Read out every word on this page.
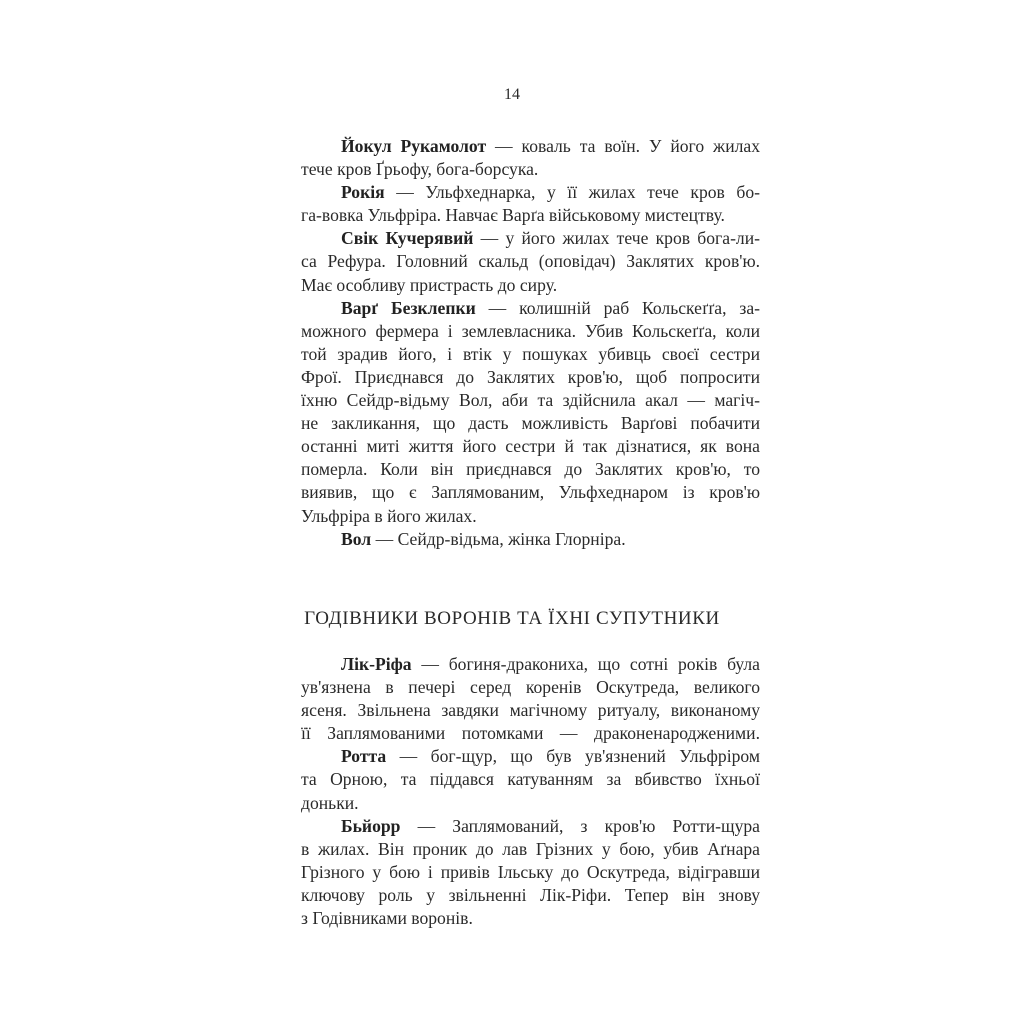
14
Йокул Рукамолот — коваль та воїн. У його жилах
тече кров Ґрьофу, бога-борсука.
Рокія — Ульфхеднарка, у її жилах тече кров бо-
га-вовка Ульфріра. Навчає Варґа військовому мистецтву.
Свік Кучерявий — у його жилах тече кров бога-ли-
са Рефура. Головний скальд (оповідач) Заклятих кров'ю.
Має особливу пристрасть до сиру.
Варґ Безклепки — колишній раб Кольскеґґа, за-
можного фермера і землевласника. Убив Кольскеґґа, коли
той зрадив його, і втік у пошуках убивць своєї сестри
Фрої. Приєднався до Заклятих кров'ю, щоб попросити
їхню Сейдр-відьму Вол, аби та здійснила акал — магіч-
не закликання, що дасть можливість Варґові побачити
останні миті життя його сестри й так дізнатися, як вона
померла. Коли він приєднався до Заклятих кров'ю, то
виявив, що є Заплямованим, Ульфхеднаром із кров'ю
Ульфріра в його жилах.
Вол — Сейдр-відьма, жінка Глорніра.
ГОДІВНИКИ ВОРОНІВ ТА ЇХНІ СУПУТНИКИ
Лік-Ріфа — богиня-дракониха, що сотні років була
ув'язнена в печері серед коренів Оскутреда, великого
ясеня. Звільнена завдяки магічному ритуалу, виконаному
її Заплямованими потомками — драконенародженими.
Ротта — бог-щур, що був ув'язнений Ульфріром
та Орною, та піддався катуванням за вбивство їхньої
доньки.
Бьйорр — Заплямований, з кров'ю Ротти-щура
в жилах. Він проник до лав Грізних у бою, убив Аґнара
Грізного у бою і привів Ільську до Оскутреда, відігравши
ключову роль у звільненні Лік-Ріфи. Тепер він знову
з Годівниками воронів.
